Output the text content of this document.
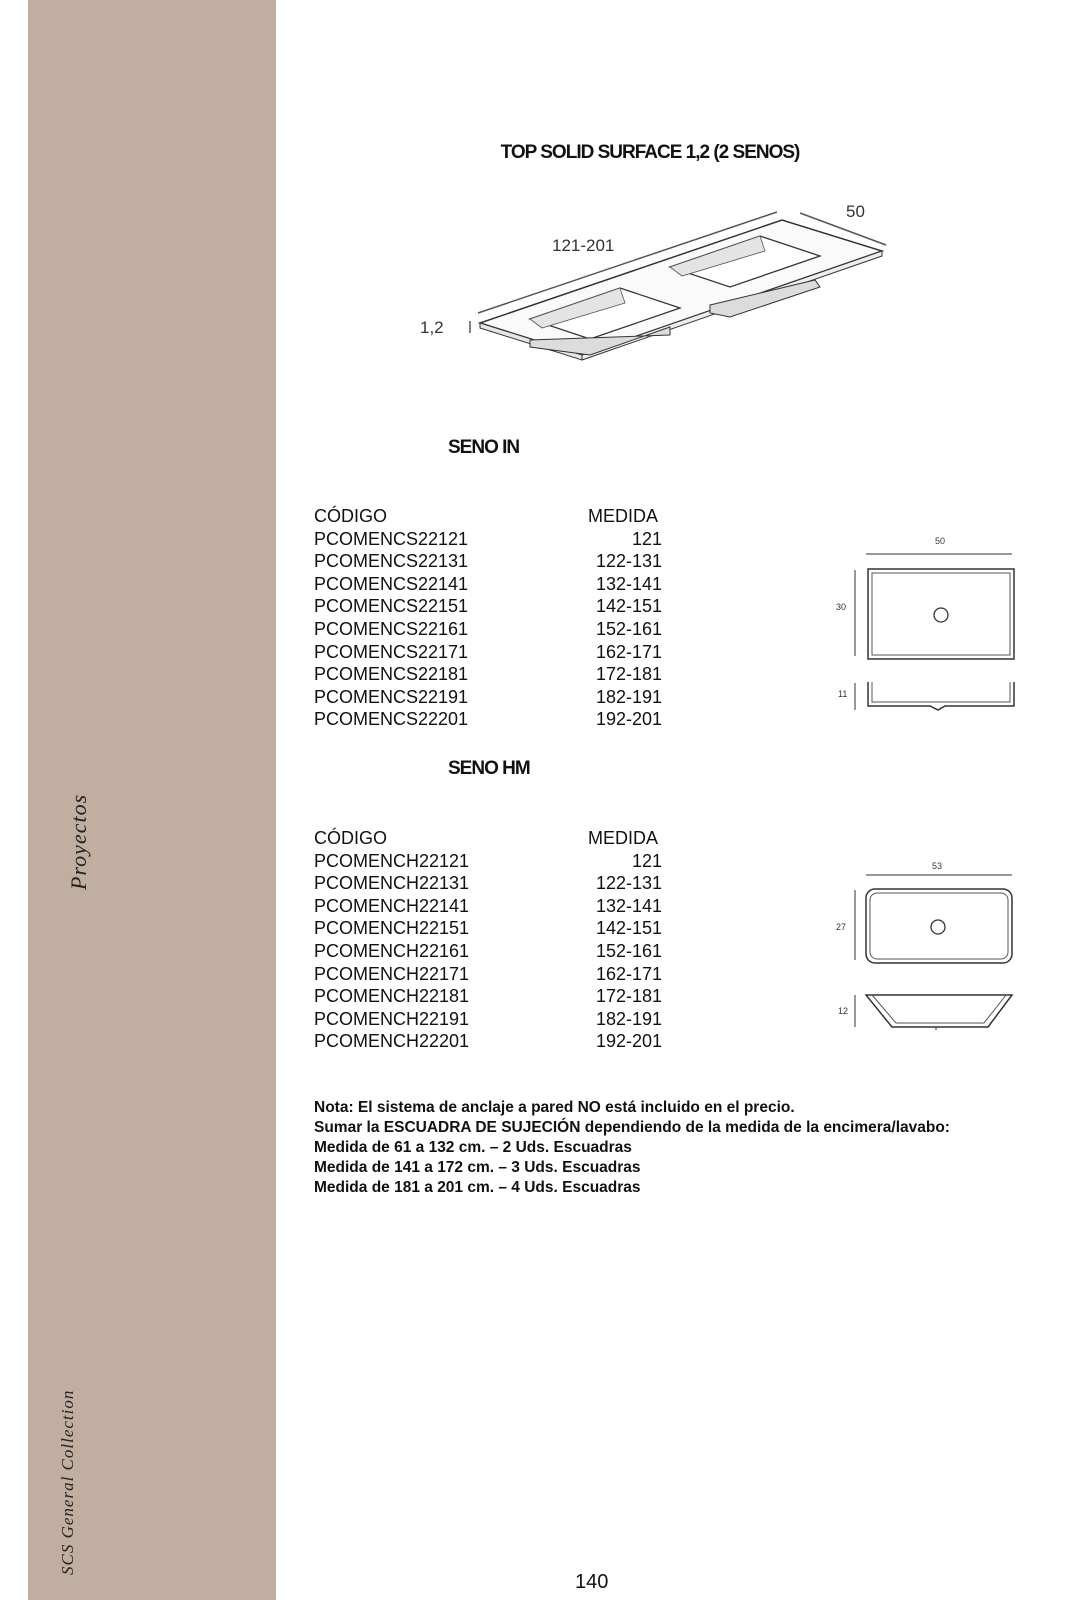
Proyectos
SCS General Collection
TOP SOLID SURFACE 1,2 (2 SENOS)
121-201
50
1,2
SENO IN
CÓDIGO	MEDIDA
PCOMENCS22121	121
PCOMENCS22131	122-131
PCOMENCS22141	132-141
PCOMENCS22151	142-151
PCOMENCS22161	152-161
PCOMENCS22171	162-171
PCOMENCS22181	172-181
PCOMENCS22191	182-191
PCOMENCS22201	192-201
50
30
11
SENO HM
CÓDIGO	MEDIDA
PCOMENCH22121	121
PCOMENCH22131	122-131
PCOMENCH22141	132-141
PCOMENCH22151	142-151
PCOMENCH22161	152-161
PCOMENCH22171	162-171
PCOMENCH22181	172-181
PCOMENCH22191	182-191
PCOMENCH22201	192-201
53
27
12
Nota: El sistema de anclaje a pared NO está incluido en el precio.
Sumar la ESCUADRA DE SUJECIÓN dependiendo de la medida de la encimera/lavabo:
Medida de 61 a 132 cm. – 2 Uds. Escuadras
Medida de 141 a 172 cm. – 3 Uds. Escuadras
Medida de 181 a 201 cm. – 4 Uds. Escuadras
140
